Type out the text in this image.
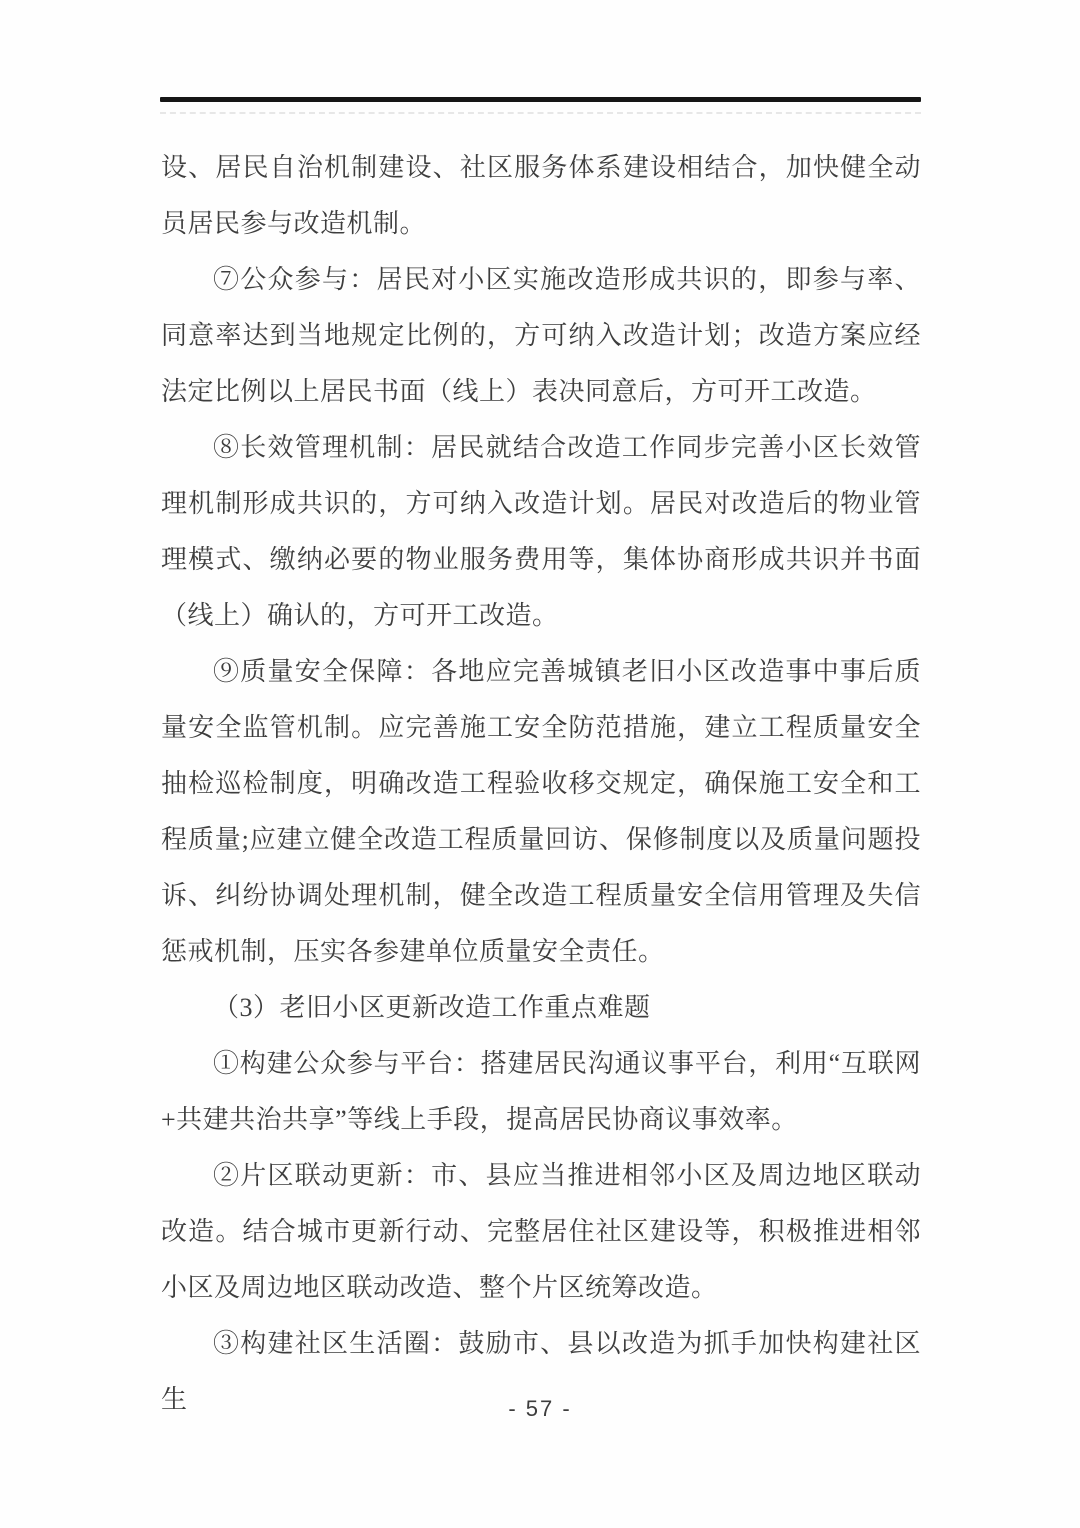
设、居民自治机制建设、社区服务体系建设相结合，加快健全动员居民参与改造机制。

⑦公众参与：居民对小区实施改造形成共识的，即参与率、同意率达到当地规定比例的，方可纳入改造计划；改造方案应经法定比例以上居民书面（线上）表决同意后，方可开工改造。

⑧长效管理机制：居民就结合改造工作同步完善小区长效管理机制形成共识的，方可纳入改造计划。居民对改造后的物业管理模式、缴纳必要的物业服务费用等，集体协商形成共识并书面（线上）确认的，方可开工改造。

⑨质量安全保障：各地应完善城镇老旧小区改造事中事后质量安全监管机制。应完善施工安全防范措施，建立工程质量安全抽检巡检制度，明确改造工程验收移交规定，确保施工安全和工程质量;应建立健全改造工程质量回访、保修制度以及质量问题投诉、纠纷协调处理机制，健全改造工程质量安全信用管理及失信惩戒机制，压实各参建单位质量安全责任。

（3）老旧小区更新改造工作重点难题

①构建公众参与平台：搭建居民沟通议事平台，利用“互联网+共建共治共享”等线上手段，提高居民协商议事效率。

②片区联动更新：市、县应当推进相邻小区及周边地区联动改造。结合城市更新行动、完整居住社区建设等，积极推进相邻小区及周边地区联动改造、整个片区统筹改造。

③构建社区生活圈：鼓励市、县以改造为抓手加快构建社区生	- 57 -
